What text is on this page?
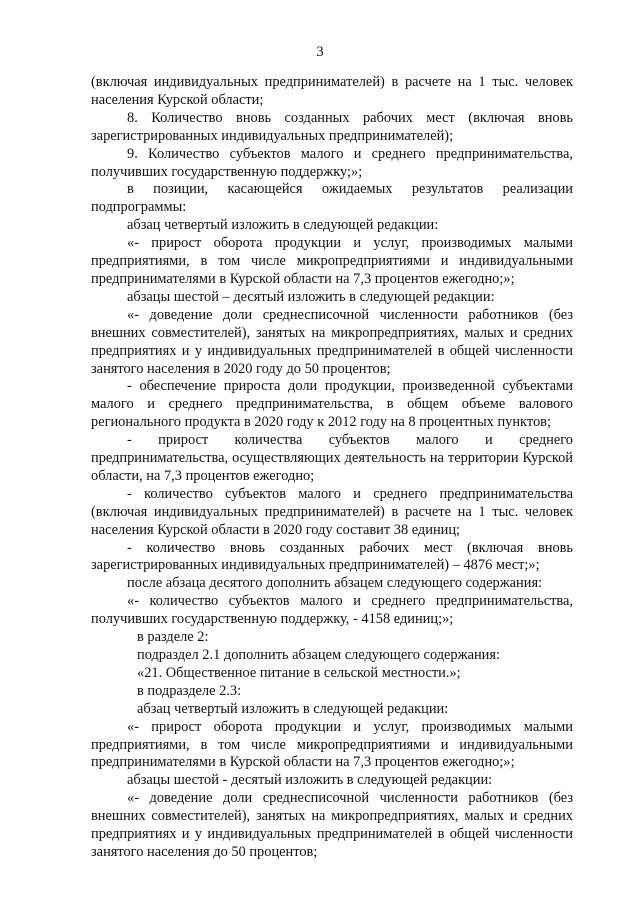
3

(включая индивидуальных предпринимателей) в расчете на 1 тыс. человек населения Курской области;

8. Количество вновь созданных рабочих мест (включая вновь зарегистрированных индивидуальных предпринимателей);

9. Количество субъектов малого и среднего предпринимательства, получивших государственную поддержку;»;

в позиции, касающейся ожидаемых результатов реализации подпрограммы:

абзац четвертый изложить в следующей редакции:

«- прирост оборота продукции и услуг, производимых малыми предприятиями, в том числе микропредприятиями и индивидуальными предпринимателями в Курской области на 7,3 процентов ежегодно;»;

абзацы шестой – десятый изложить в следующей редакции:

«- доведение доли среднесписочной численности работников (без внешних совместителей), занятых на микропредприятиях, малых и средних предприятиях и у индивидуальных предпринимателей в общей численности занятого населения в 2020 году до 50 процентов;

- обеспечение прироста доли продукции, произведенной субъектами малого и среднего предпринимательства, в общем объеме валового регионального продукта в 2020 году к 2012 году на 8 процентных пунктов;

- прирост количества субъектов малого и среднего предпринимательства, осуществляющих деятельность на территории Курской области, на 7,3 процентов ежегодно;

- количество субъектов малого и среднего предпринимательства (включая индивидуальных предпринимателей) в расчете на 1 тыс. человек населения Курской области в 2020 году составит 38 единиц;

- количество вновь созданных рабочих мест (включая вновь зарегистрированных индивидуальных предпринимателей) – 4876 мест;»;

после абзаца десятого дополнить абзацем следующего содержания:

«- количество субъектов малого и среднего предпринимательства, получивших государственную поддержку, - 4158 единиц;»;

в разделе 2:

подраздел 2.1 дополнить абзацем следующего содержания:

«21. Общественное питание в сельской местности.»;

в подразделе 2.3:

абзац четвертый изложить в следующей редакции:

«- прирост оборота продукции и услуг, производимых малыми предприятиями, в том числе микропредприятиями и индивидуальными предпринимателями в Курской области на 7,3 процентов ежегодно;»;

абзацы шестой - десятый изложить в следующей редакции:

«- доведение доли среднесписочной численности работников (без внешних совместителей), занятых на микропредприятиях, малых и средних предприятиях и у индивидуальных предпринимателей в общей численности занятого населения до 50 процентов;
